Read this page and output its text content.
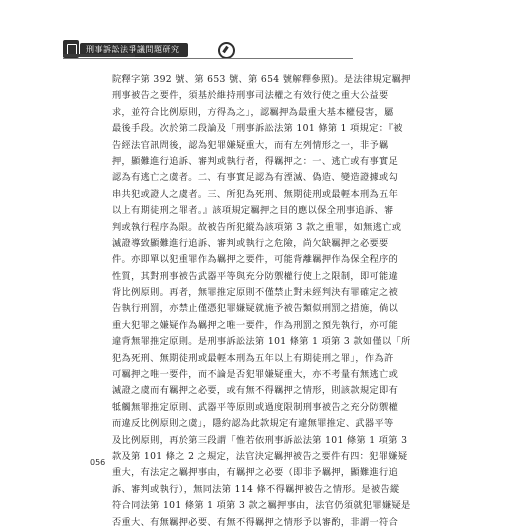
刑事訴訟法爭議問題研究
院釋字第 392 號、第 653 號、第 654 號解釋參照)。是法律規定羈押
刑事被告之要件，須基於維持刑事司法權之有效行使之重大公益要
求，並符合比例原則，方得為之」，認羈押為最重大基本權侵害，屬
最後手段。次於第二段論及「刑事訴訟法第 101 條第 1 項規定：『被
告經法官訊問後，認為犯罪嫌疑重大，而有左列情形之一，非予羈
押，顯難進行追訴、審判或執行者，得羈押之：一、逃亡或有事實足
認為有逃亡之虞者。二、有事實足認為有湮滅、偽造、變造證據或勾
串共犯或證人之虞者。三、所犯為死刑、無期徒刑或最輕本刑為五年
以上有期徒刑之罪者。』該項規定羈押之目的應以保全刑事追訴、審
判或執行程序為限。故被告所犯縱為該項第 3 款之重罪，如無逃亡或
滅證導致顯難進行追訴、審判或執行之危險，尚欠缺羈押之必要要
件。亦即單以犯重罪作為羈押之要件，可能背離羈押作為保全程序的
性質，其對刑事被告武器平等與充分防禦權行使上之限制，即可能違
背比例原則。再者，無罪推定原則不僅禁止對未經判決有罪確定之被
告執行刑罰，亦禁止僅憑犯罪嫌疑就施予被告類似刑罰之措施，倘以
重大犯罪之嫌疑作為羈押之唯一要件，作為刑罰之預先執行，亦可能
違背無罪推定原則。是刑事訴訟法第 101 條第 1 項第 3 款如僅以「所
犯為死刑、無期徒刑或最輕本刑為五年以上有期徒刑之罪」，作為許
可羈押之唯一要件，而不論是否犯罪嫌疑重大，亦不考量有無逃亡或
滅證之虞而有羈押之必要，或有無不得羈押之情形，則該款規定即有
牴觸無罪推定原則、武器平等原則或過度限制刑事被告之充分防禦權
而違反比例原則之虞」，隱約認為此款規定有違無罪推定、武器平等
及比例原則，再於第三段謂「惟若依刑事訴訟法第 101 條第 1 項第 3
款及第 101 條之 2 之規定，法官決定羈押被告之要件有四：犯罪嫌疑
重大，有法定之羈押事由，有羈押之必要（即非予羈押，顯難進行追
訴、審判或執行），無同法第 114 條不得羈押被告之情形。是被告縱
符合同法第 101 條第 1 項第 3 款之羈押事由，法官仍須就犯罪嫌疑是
否重大、有無羈押必要、有無不得羈押之情形予以審酌，非謂一符合
056
